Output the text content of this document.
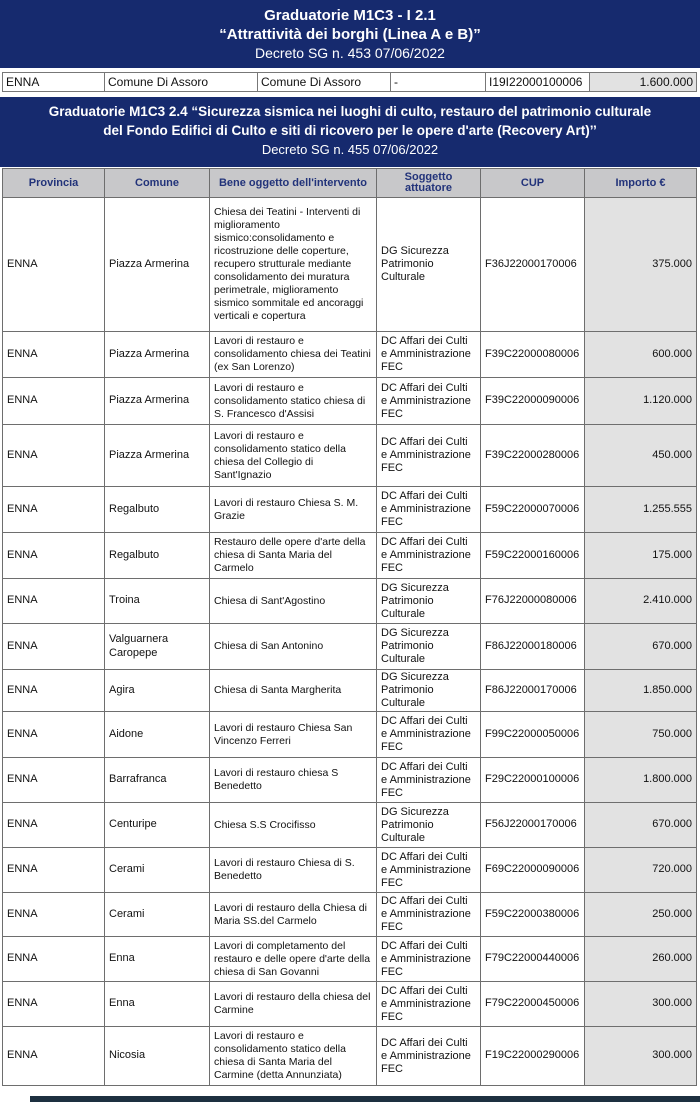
Graduatorie M1C3 - I 2.1
“Attrattività dei borghi (Linea A e B)”
Decreto SG n. 453 07/06/2022
ENNA	Comune Di Assoro	Comune Di Assoro	-	I19I22000100006	1.600.000
Graduatorie M1C3 2.4 “Sicurezza sismica nei luoghi di culto, restauro del patrimonio culturale
del Fondo Edifici di Culto e siti di ricovero per le opere d'arte (Recovery Art)’’
Decreto SG n. 455 07/06/2022
Provincia	Comune	Bene oggetto dell'intervento	Soggetto attuatore	CUP	Importo €
ENNA	Piazza Armerina	Chiesa dei Teatini - Interventi di miglioramento sismico:consolidamento e ricostruzione delle coperture, recupero strutturale mediante consolidamento dei muratura perimetrale, miglioramento sismico sommitale ed ancoraggi verticali e copertura	DG Sicurezza Patrimonio Culturale	F36J22000170006	375.000
ENNA	Piazza Armerina	Lavori di restauro e consolidamento chiesa dei Teatini (ex San Lorenzo)	DC Affari dei Culti e Amministrazione FEC	F39C22000080006	600.000
ENNA	Piazza Armerina	Lavori di restauro e consolidamento statico chiesa di S. Francesco d'Assisi	DC Affari dei Culti e Amministrazione FEC	F39C22000090006	1.120.000
ENNA	Piazza Armerina	Lavori di restauro e consolidamento statico della chiesa del Collegio di Sant'Ignazio	DC Affari dei Culti e Amministrazione FEC	F39C22000280006	450.000
ENNA	Regalbuto	Lavori di restauro Chiesa S. M. Grazie	DC Affari dei Culti e Amministrazione FEC	F59C22000070006	1.255.555
ENNA	Regalbuto	Restauro delle opere d'arte della chiesa di Santa Maria del Carmelo	DC Affari dei Culti e Amministrazione FEC	F59C22000160006	175.000
ENNA	Troina	Chiesa di Sant'Agostino	DG Sicurezza Patrimonio Culturale	F76J22000080006	2.410.000
ENNA	Valguarnera Caropepe	Chiesa di San Antonino	DG Sicurezza Patrimonio Culturale	F86J22000180006	670.000
ENNA	Agira	Chiesa di Santa Margherita	DG Sicurezza Patrimonio Culturale	F86J22000170006	1.850.000
ENNA	Aidone	Lavori di restauro Chiesa San Vincenzo Ferreri	DC Affari dei Culti e Amministrazione FEC	F99C22000050006	750.000
ENNA	Barrafranca	Lavori di restauro chiesa S Benedetto	DC Affari dei Culti e Amministrazione FEC	F29C22000100006	1.800.000
ENNA	Centuripe	Chiesa S.S Crocifisso	DG Sicurezza Patrimonio Culturale	F56J22000170006	670.000
ENNA	Cerami	Lavori di restauro Chiesa di S. Benedetto	DC Affari dei Culti e Amministrazione FEC	F69C22000090006	720.000
ENNA	Cerami	Lavori di restauro della Chiesa di Maria SS.del Carmelo	DC Affari dei Culti e Amministrazione FEC	F59C22000380006	250.000
ENNA	Enna	Lavori di completamento del restauro e delle opere d'arte della chiesa di San Govanni	DC Affari dei Culti e Amministrazione FEC	F79C22000440006	260.000
ENNA	Enna	Lavori di restauro della chiesa del Carmine	DC Affari dei Culti e Amministrazione FEC	F79C22000450006	300.000
ENNA	Nicosia	Lavori di restauro e consolidamento statico della chiesa di Santa Maria del Carmine (detta Annunziata)	DC Affari dei Culti e Amministrazione FEC	F19C22000290006	300.000
